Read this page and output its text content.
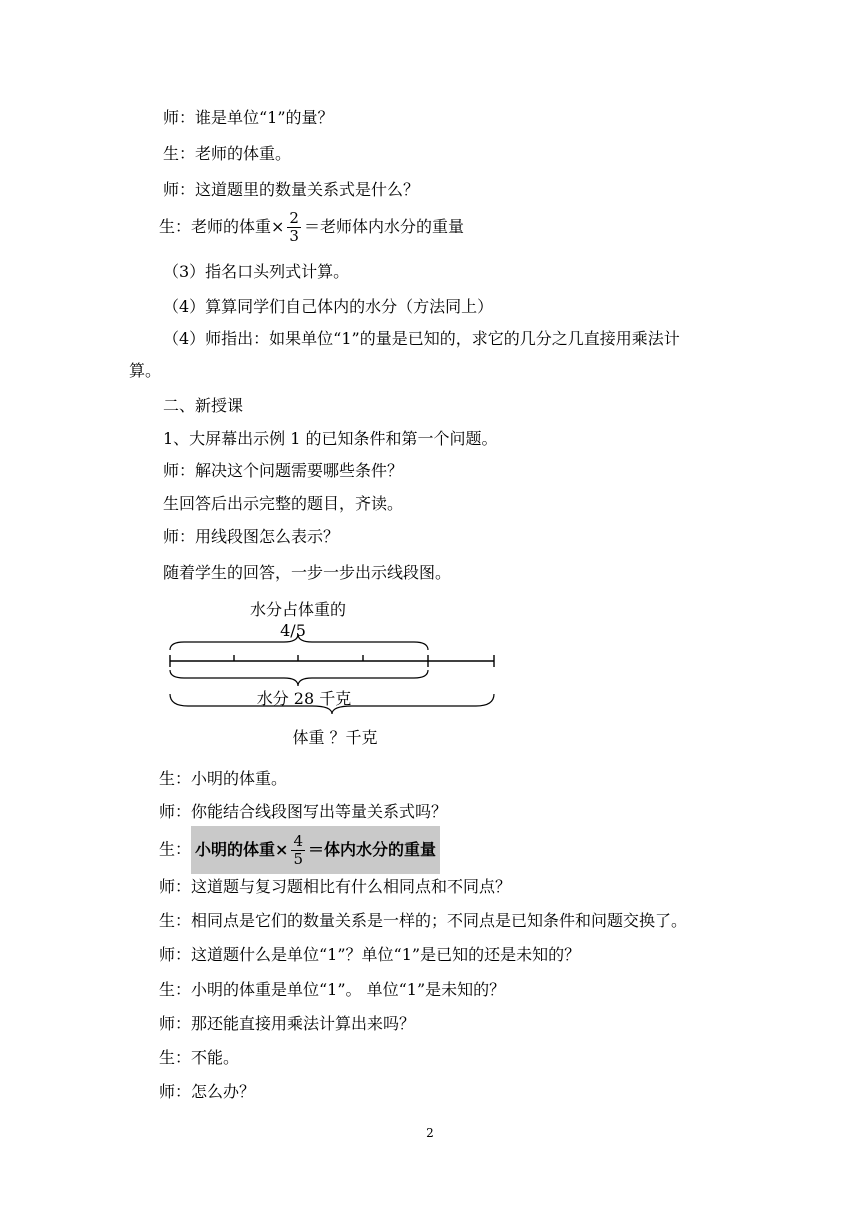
师：谁是单位“1”的量？
生：老师的体重。
师：这道题里的数量关系式是什么？
生：老师的体重× $\frac{2}{3}$ ＝老师体内水分的重量
（3）指名口头列式计算。
（4）算算同学们自己体内的水分（方法同上）
（4）师指出：如果单位“1”的量是已知的，求它的几分之几直接用乘法计
算。
二、新授课
1、大屏幕出示例 1 的已知条件和第一个问题。
师：解决这个问题需要哪些条件？
生回答后出示完整的题目，齐读。
师：用线段图怎么表示？
随着学生的回答，一步一步出示线段图。
水分占体重的
4/5
水分 28 千克
体重 ？千克
生：小明的体重。
师：你能结合线段图写出等量关系式吗？
生： 小明的体重× $\frac{4}{5}$ ＝体内水分的重量
师：这道题与复习题相比有什么相同点和不同点？
生：相同点是它们的数量关系是一样的；不同点是已知条件和问题交换了。
师：这道题什么是单位“1”？单位“1”是已知的还是未知的？
生：小明的体重是单位“1”。 单位“1”是未知的？
师：那还能直接用乘法计算出来吗？
生：不能。
师：怎么办？
2
